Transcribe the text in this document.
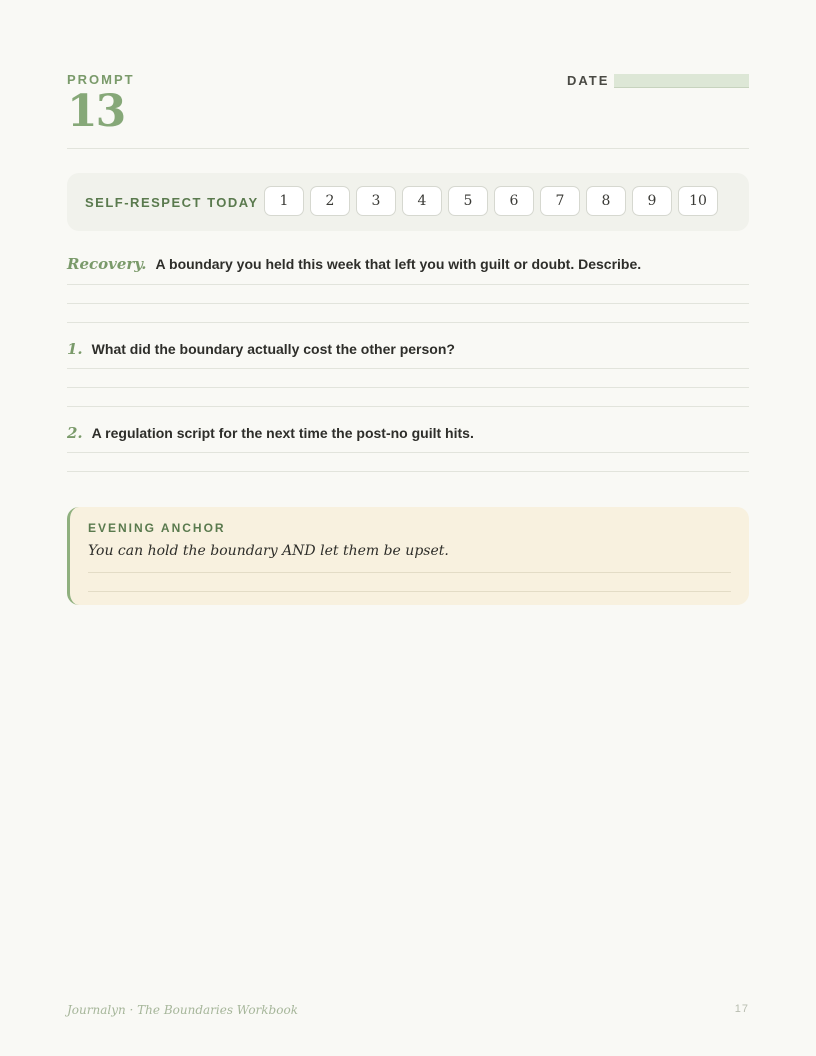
PROMPT
13
DATE
SELF-RESPECT TODAY	1	2	3	4	5	6	7	8	9	10
Recovery. A boundary you held this week that left you with guilt or doubt. Describe.
1. What did the boundary actually cost the other person?
2. A regulation script for the next time the post-no guilt hits.
EVENING ANCHOR
You can hold the boundary AND let them be upset.
Journalyn · The Boundaries Workbook	17
